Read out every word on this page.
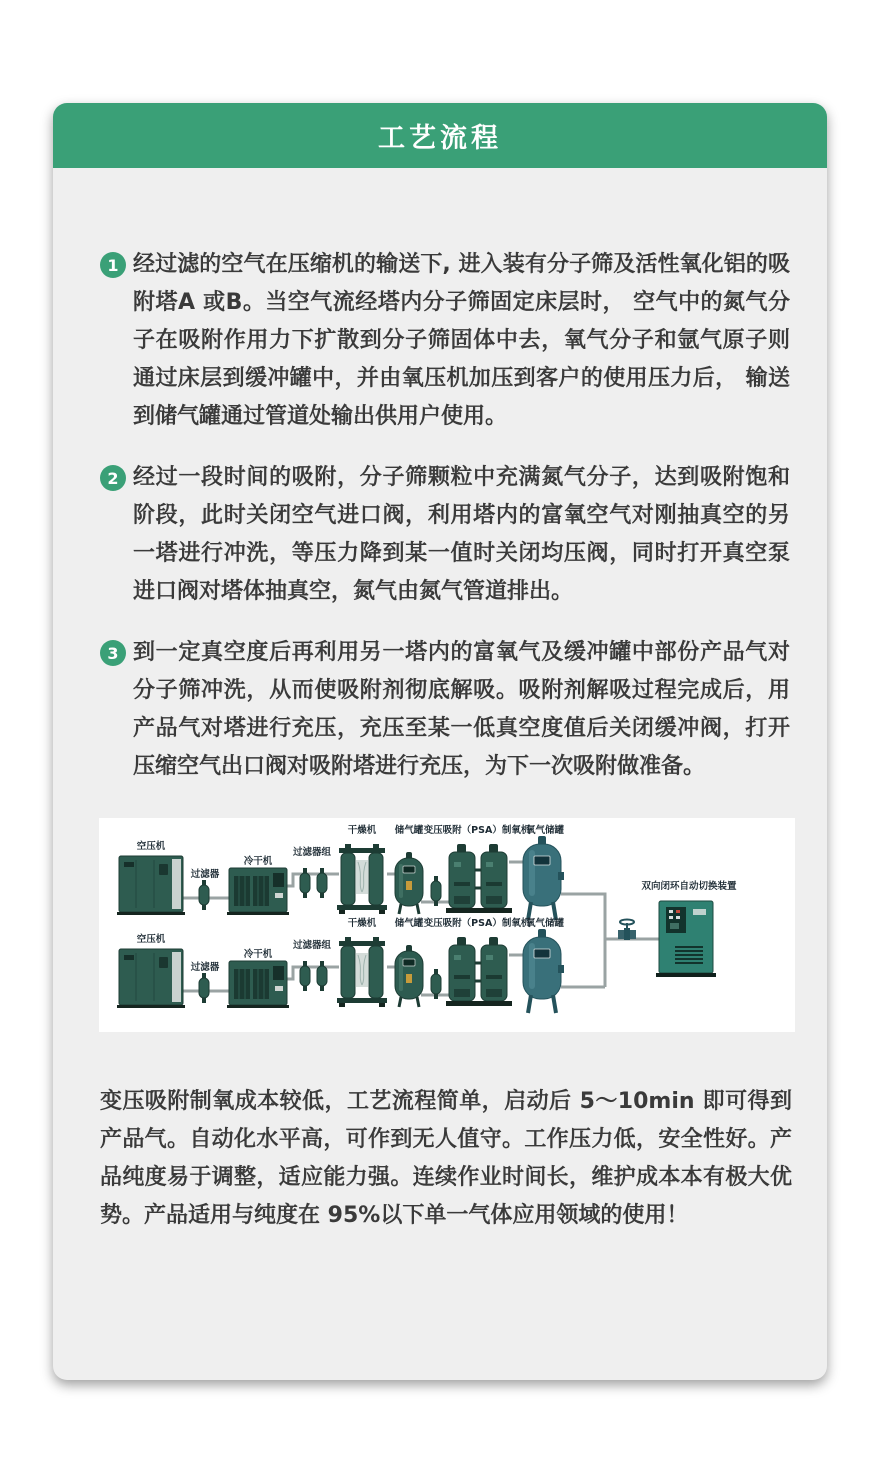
工艺流程
1 经过滤的空气在压缩机的输送下, 进入装有分子筛及活性氧化铝的吸附塔A 或B。当空气流经塔内分子筛固定床层时， 空气中的氮气分子在吸附作用力下扩散到分子筛固体中去，氧气分子和氩气原子则通过床层到缓冲罐中，并由氧压机加压到客户的使用压力后， 输送到储气罐通过管道处输出供用户使用。
2 经过一段时间的吸附，分子筛颗粒中充满氮气分子，达到吸附饱和阶段，此时关闭空气进口阀，利用塔内的富氧空气对刚抽真空的另一塔进行冲洗，等压力降到某一值时关闭均压阀，同时打开真空泵进口阀对塔体抽真空，氮气由氮气管道排出。
3 到一定真空度后再利用另一塔内的富氧气及缓冲罐中部份产品气对分子筛冲洗，从而使吸附剂彻底解吸。吸附剂解吸过程完成后，用产品气对塔进行充压，充压至某一低真空度值后关闭缓冲阀，打开压缩空气出口阀对吸附塔进行充压，为下一次吸附做准备。
空压机
过滤器
冷干机
过滤器组
干燥机 储气罐 变压吸附（PSA）制氧机
氧气储罐
空压机
过滤器
冷干机
过滤器组
干燥机 储气罐 变压吸附（PSA）制氧机
氧气储罐
双向闭环自动切换装置
变压吸附制氧成本较低，工艺流程简单，启动后 5～10min 即可得到产品气。自动化水平高，可作到无人值守。工作压力低，安全性好。产品纯度易于调整，适应能力强。连续作业时间长，维护成本本有极大优势。产品适用与纯度在 95%以下单一气体应用领域的使用！
